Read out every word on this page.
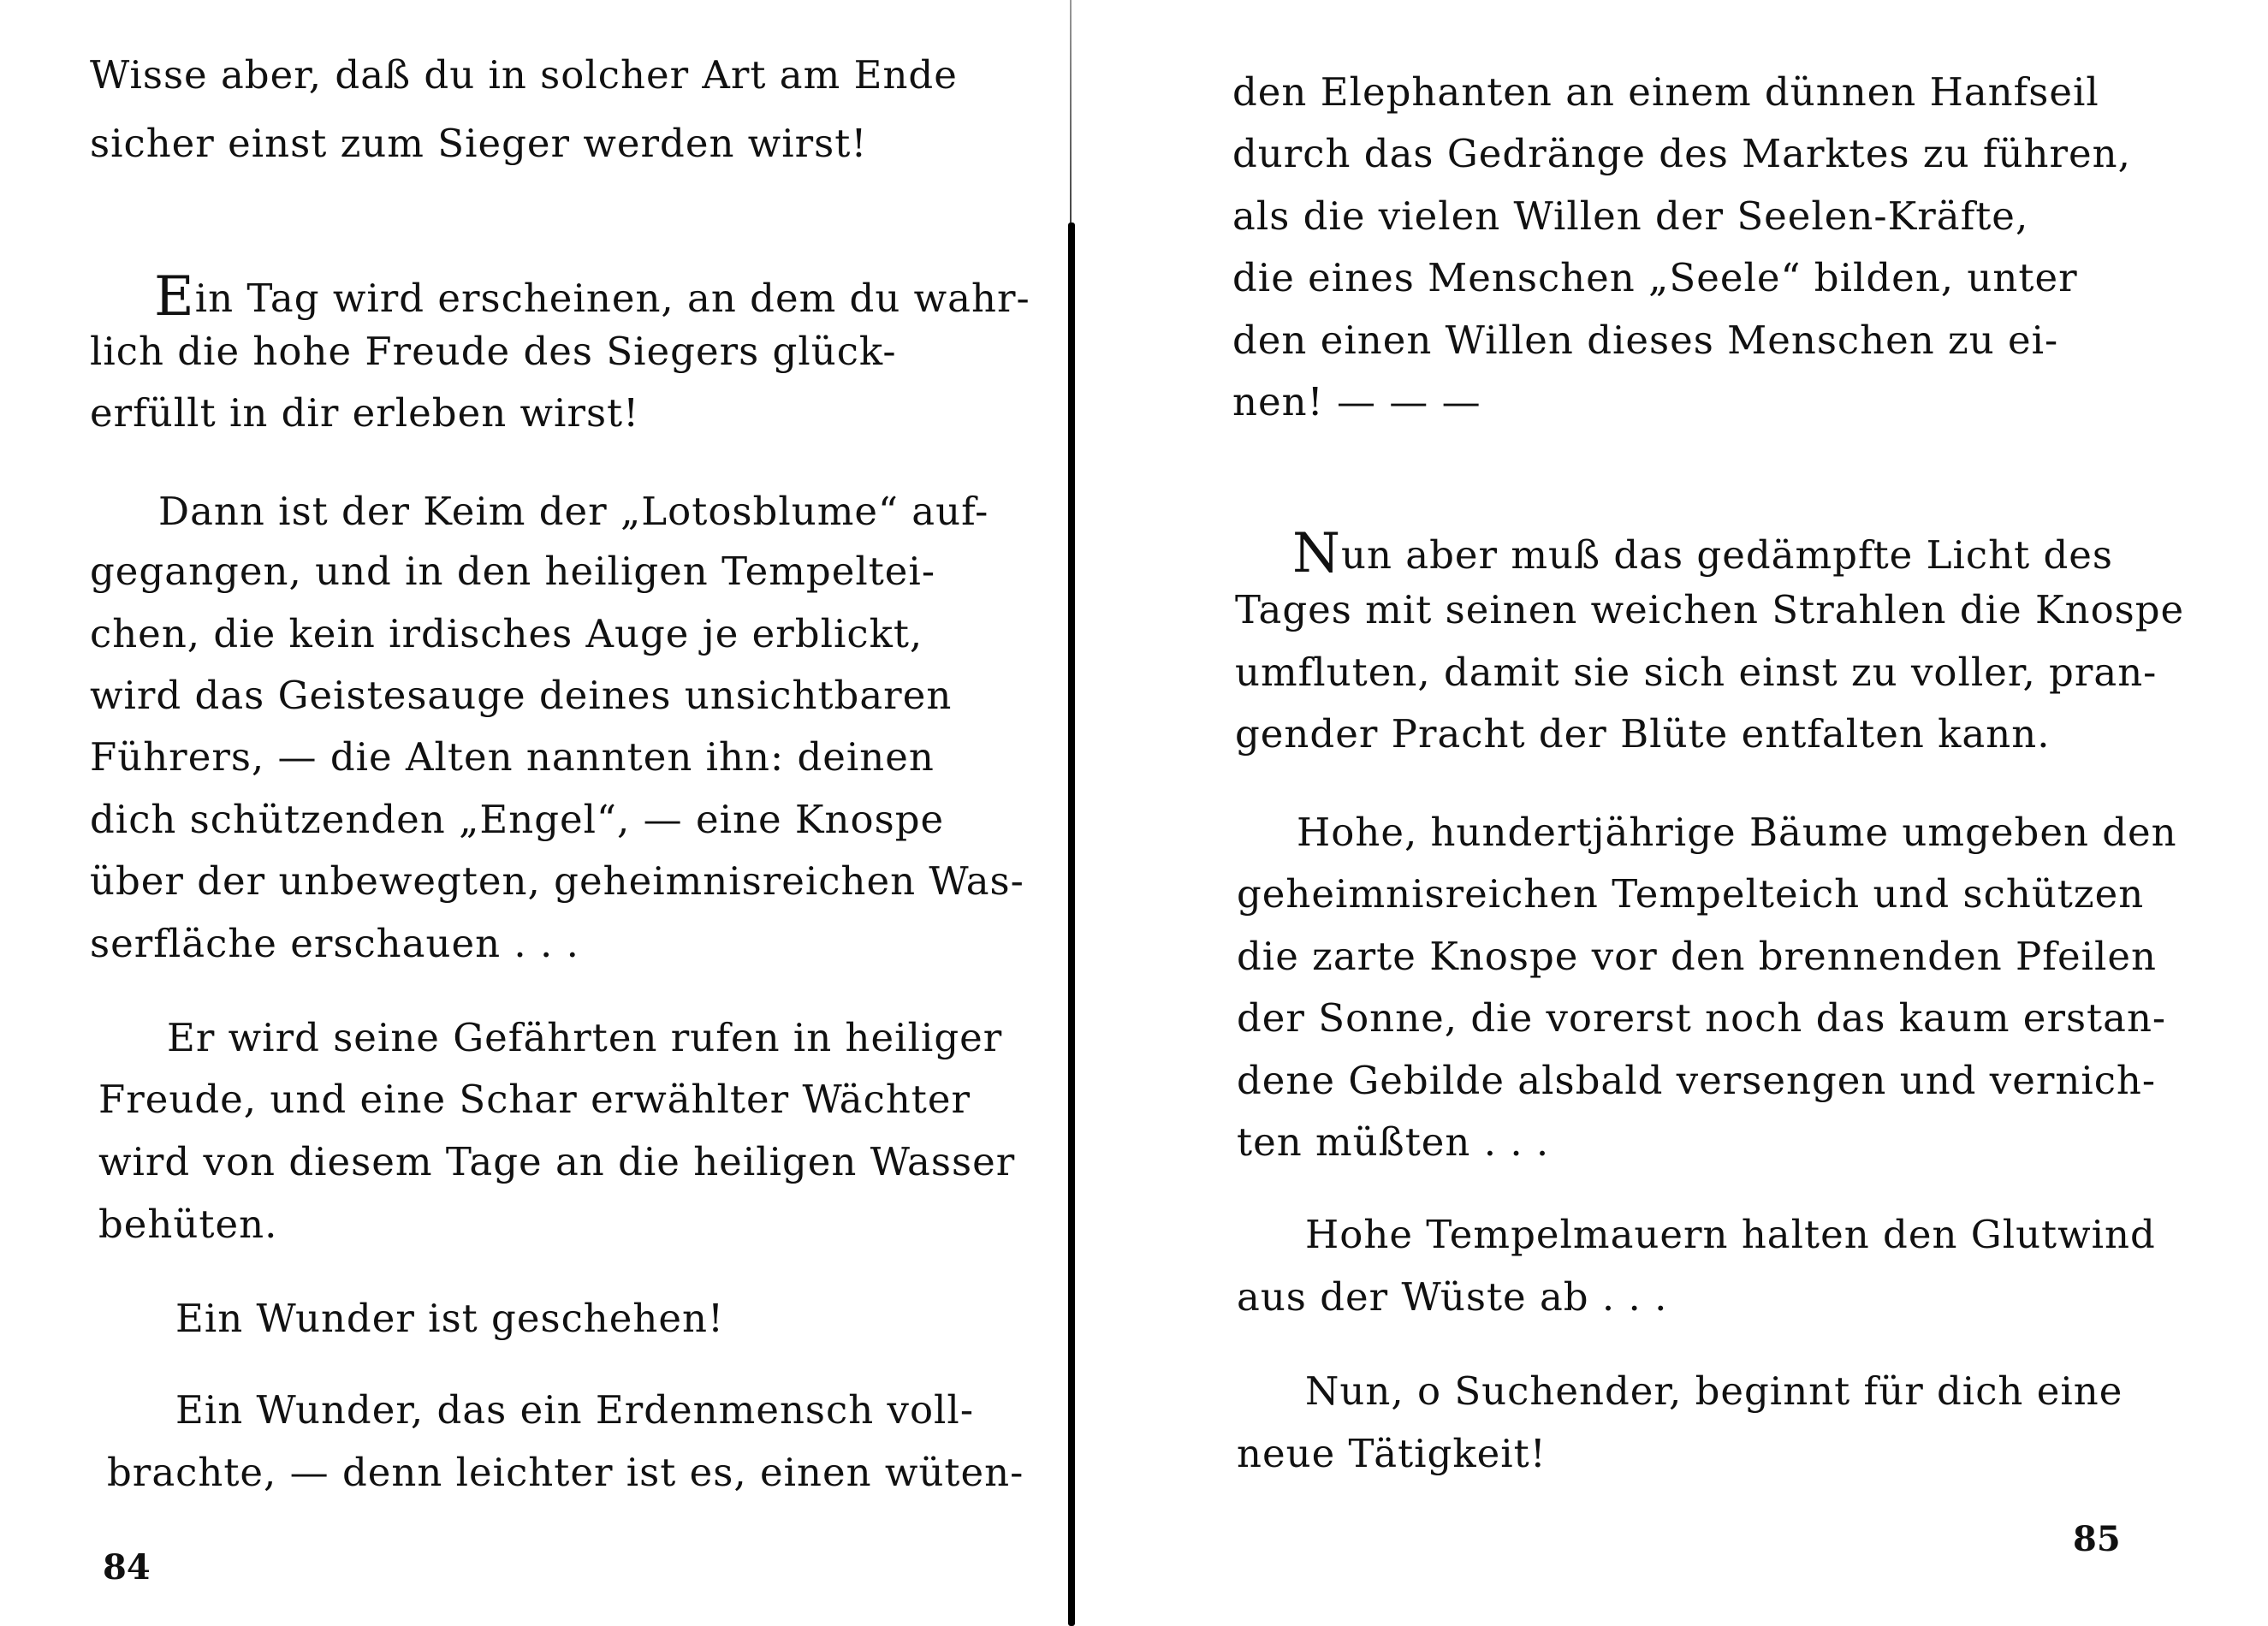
Wisse aber, daß du in solcher Art am Ende
sicher einst zum Sieger werden wirst!
Ein Tag wird erscheinen, an dem du wahr-
lich die hohe Freude des Siegers glück-
erfüllt in dir erleben wirst!
Dann ist der Keim der „Lotosblume“ auf-
gegangen, und in den heiligen Tempeltei-
chen, die kein irdisches Auge je erblickt,
wird das Geistesauge deines unsichtbaren
Führers, — die Alten nannten ihn: deinen
dich schützenden „Engel“, — eine Knospe
über der unbewegten, geheimnisreichen Was-
serfläche erschauen . . .
Er wird seine Gefährten rufen in heiliger
Freude, und eine Schar erwählter Wächter
wird von diesem Tage an die heiligen Wasser
behüten.
Ein Wunder ist geschehen!
Ein Wunder, das ein Erdenmensch voll-
brachte, — denn leichter ist es, einen wüten-
84
den Elephanten an einem dünnen Hanfseil
durch das Gedränge des Marktes zu führen,
als die vielen Willen der Seelen-Kräfte,
die eines Menschen „Seele“ bilden, unter
den einen Willen dieses Menschen zu ei-
nen! — — —
Nun aber muß das gedämpfte Licht des
Tages mit seinen weichen Strahlen die Knospe
umfluten, damit sie sich einst zu voller, pran-
gender Pracht der Blüte entfalten kann.
Hohe, hundertjährige Bäume umgeben den
geheimnisreichen Tempelteich und schützen
die zarte Knospe vor den brennenden Pfeilen
der Sonne, die vorerst noch das kaum erstan-
dene Gebilde alsbald versengen und vernich-
ten müßten . . .
Hohe Tempelmauern halten den Glutwind
aus der Wüste ab . . .
Nun, o Suchender, beginnt für dich eine
neue Tätigkeit!
85
